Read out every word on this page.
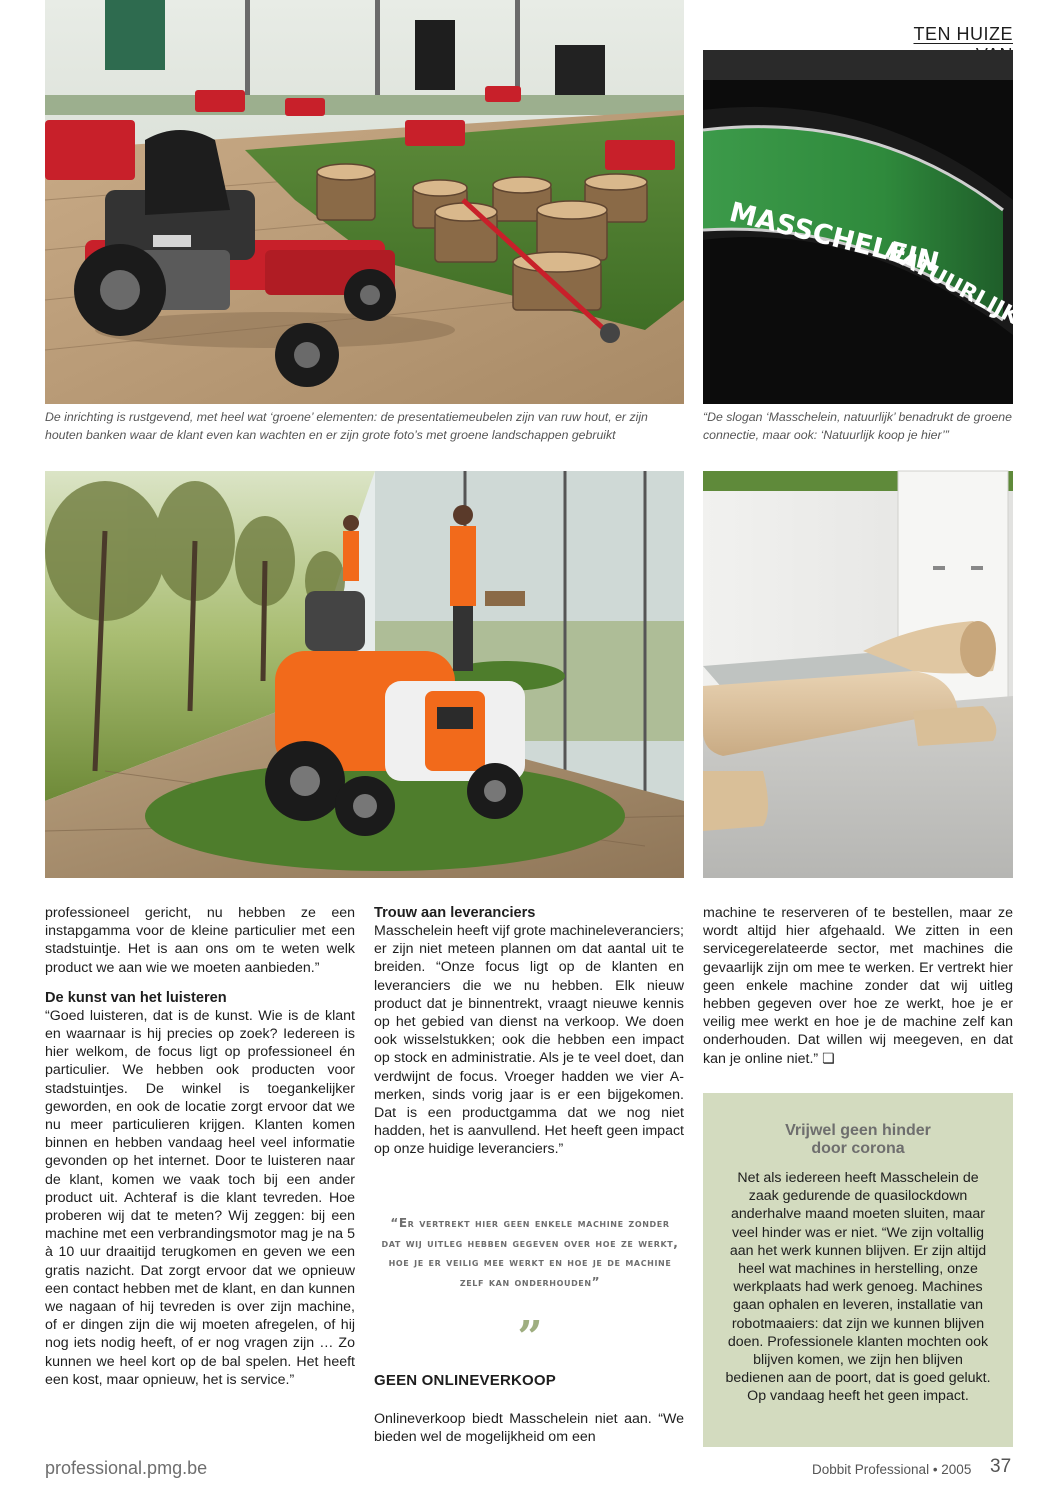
TEN HUIZE
MASSCHELEIN
NATUURLIJK!
De inrichting is rustgevend, met heel wat ‘groene’ elementen: de presentatiemeubelen zijn van ruw hout, er zijn houten banken waar de klant even kan wachten en er zijn grote foto’s met groene landschappen gebruikt
“De slogan ‘Masschelein, natuurlijk’ benadrukt de groene connectie, maar ook: ‘Natuurlijk koop je hier’”

professioneel gericht, nu hebben ze een instapgamma voor de kleine particulier met een stadstuintje. Het is aan ons om te weten welk product we aan wie we moeten aanbieden.”

De kunst van het luisteren

“Goed luisteren, dat is de kunst. Wie is de klant en waarnaar is hij precies op zoek? Iedereen is hier welkom, de focus ligt op professioneel én particulier. We hebben ook producten voor stadstuintjes. De winkel is toegankelijker geworden, en ook de locatie zorgt ervoor dat we nu meer particulieren krijgen. Klanten komen binnen en hebben vandaag heel veel informatie gevonden op het internet. Door te luisteren naar de klant, komen we vaak toch bij een ander product uit. Achteraf is die klant tevreden. Hoe proberen wij dat te meten? Wij zeggen: bij een machine met een verbrandingsmotor mag je na 5 à 10 uur draaitijd terugkomen en geven we een gratis nazicht. Dat zorgt ervoor dat we opnieuw een contact hebben met de klant, en dan kunnen we nagaan of hij tevreden is over zijn machine, of er dingen zijn die wij moeten afregelen, of hij nog iets nodig heeft, of er nog vragen zijn … Zo kunnen we heel kort op de bal spelen. Het heeft een kost, maar opnieuw, het is service.”

Trouw aan leveranciers

Masschelein heeft vijf grote machineleveranciers; er zijn niet meteen plannen om dat aantal uit te breiden. “Onze focus ligt op de klanten en leveranciers die we nu hebben. Elk nieuw product dat je binnentrekt, vraagt nieuwe kennis op het gebied van dienst na verkoop. We doen ook wisselstukken; ook die hebben een impact op stock en administratie. Als je te veel doet, dan verdwijnt de focus. Vroeger hadden we vier A-merken, sinds vorig jaar is er een bijgekomen. Dat is een productgamma dat we nog niet hadden, het is aanvullend. Het heeft geen impact op onze huidige leveranciers.”

“Er vertrekt hier geen enkele machine zonder dat wij uitleg hebben gegeven over hoe ze werkt, hoe je er veilig mee werkt en hoe je de machine zelf kan onderhouden”
”
GEEN ONLINEVERKOOP
Onlineverkoop biedt Masschelein niet aan. “We bieden wel de mogelijkheid om een

machine te reserveren of te bestellen, maar ze wordt altijd hier afgehaald. We zitten in een servicegerelateerde sector, met machines die gevaarlijk zijn om mee te werken. Er vertrekt hier geen enkele machine zonder dat wij uitleg hebben gegeven over hoe ze werkt, hoe je er veilig mee werkt en hoe je de machine zelf kan onderhouden. Dat willen wij meegeven, en dat kan je online niet.” ❏

Vrijwel geen hinder
door corona
Net als iedereen heeft Masschelein de zaak gedurende de quasilockdown anderhalve maand moeten sluiten, maar veel hinder was er niet. “We zijn voltallig aan het werk kunnen blijven. Er zijn altijd heel wat machines in herstelling, onze werkplaats had werk genoeg. Machines gaan ophalen en leveren, installatie van robotmaaiers: dat zijn we kunnen blijven doen. Professionele klanten mochten ook blijven komen, we zijn hen blijven bedienen aan de poort, dat is goed gelukt. Op vandaag heeft het geen impact.
professional.pmg.be	Dobbit Professional • 2005 37
